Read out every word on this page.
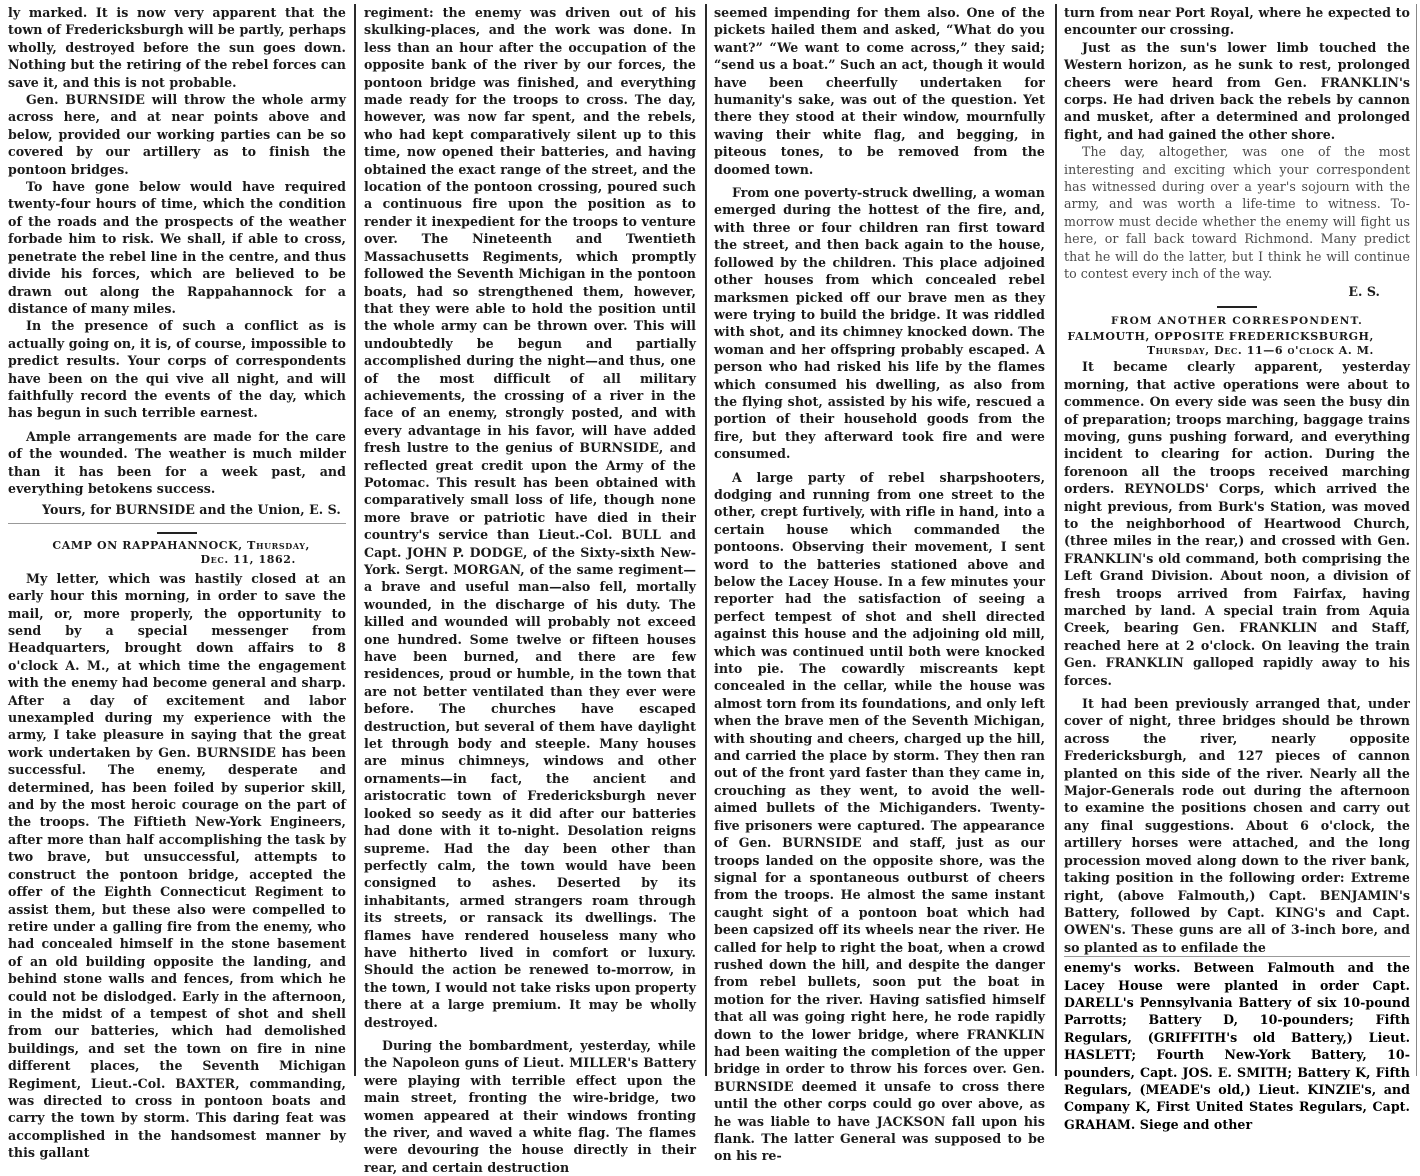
ly marked. It is now very apparent that the town of Fredericksburgh will be partly, perhaps wholly, destroyed before the sun goes down. Nothing but the retiring of the rebel forces can save it, and this is not probable.

Gen. BURNSIDE will throw the whole army across here, and at near points above and below, provided our working parties can be so covered by our artillery as to finish the pontoon bridges.

To have gone below would have required twenty-four hours of time, which the condition of the roads and the prospects of the weather forbade him to risk. We shall, if able to cross, penetrate the rebel line in the centre, and thus divide his forces, which are believed to be drawn out along the Rappahannock for a distance of many miles.

In the presence of such a conflict as is actually going on, it is, of course, impossible to predict results. Your corps of correspondents have been on the qui vive all night, and will faithfully record the events of the day, which has begun in such terrible earnest.

Ample arrangements are made for the care of the wounded. The weather is much milder than it has been for a week past, and everything betokens success.

Yours, for BURNSIDE and the Union, E. S.

CAMP ON RAPPAHANNOCK, Thursday,

Dec. 11, 1862.

My letter, which was hastily closed at an early hour this morning, in order to save the mail, or, more properly, the opportunity to send by a special messenger from Headquarters, brought down affairs to 8 o'clock A. M., at which time the engagement with the enemy had become general and sharp. After a day of excitement and labor unexampled during my experience with the army, I take pleasure in saying that the great work undertaken by Gen. BURNSIDE has been successful. The enemy, desperate and determined, has been foiled by superior skill, and by the most heroic courage on the part of the troops. The Fiftieth New-York Engineers, after more than half accomplishing the task by two brave, but unsuccessful, attempts to construct the pontoon bridge, accepted the offer of the Eighth Connecticut Regiment to assist them, but these also were compelled to retire under a galling fire from the enemy, who had concealed himself in the stone basement of an old building opposite the landing, and behind stone walls and fences, from which he could not be dislodged. Early in the afternoon, in the midst of a tempest of shot and shell from our batteries, which had demolished buildings, and set the town on fire in nine different places, the Seventh Michigan Regiment, Lieut.-Col. BAXTER, commanding, was directed to cross in pontoon boats and carry the town by storm. This daring feat was accomplished in the handsomest manner by this gallant

regiment: the enemy was driven out of his skulking-places, and the work was done. In less than an hour after the occupation of the opposite bank of the river by our forces, the pontoon bridge was finished, and everything made ready for the troops to cross. The day, however, was now far spent, and the rebels, who had kept comparatively silent up to this time, now opened their batteries, and having obtained the exact range of the street, and the location of the pontoon crossing, poured such a continuous fire upon the position as to render it inexpedient for the troops to venture over. The Nineteenth and Twentieth Massachusetts Regiments, which promptly followed the Seventh Michigan in the pontoon boats, had so strengthened them, however, that they were able to hold the position until the whole army can be thrown over. This will undoubtedly be begun and partially accomplished during the night—and thus, one of the most difficult of all military achievements, the crossing of a river in the face of an enemy, strongly posted, and with every advantage in his favor, will have added fresh lustre to the genius of BURNSIDE, and reflected great credit upon the Army of the Potomac. This result has been obtained with comparatively small loss of life, though none more brave or patriotic have died in their country's service than Lieut.-Col. BULL and Capt. JOHN P. DODGE, of the Sixty-sixth New-York. Sergt. MORGAN, of the same regiment—a brave and useful man—also fell, mortally wounded, in the discharge of his duty. The killed and wounded will probably not exceed one hundred. Some twelve or fifteen houses have been burned, and there are few residences, proud or humble, in the town that are not better ventilated than they ever were before. The churches have escaped destruction, but several of them have daylight let through body and steeple. Many houses are minus chimneys, windows and other ornaments—in fact, the ancient and aristocratic town of Fredericksburgh never looked so seedy as it did after our batteries had done with it to-night. Desolation reigns supreme. Had the day been other than perfectly calm, the town would have been consigned to ashes. Deserted by its inhabitants, armed strangers roam through its streets, or ransack its dwellings. The flames have rendered houseless many who have hitherto lived in comfort or luxury. Should the action be renewed to-morrow, in the town, I would not take risks upon property there at a large premium. It may be wholly destroyed.

During the bombardment, yesterday, while the Napoleon guns of Lieut. MILLER's Battery were playing with terrible effect upon the main street, fronting the wire-bridge, two women appeared at their windows fronting the river, and waved a white flag. The flames were devouring the house directly in their rear, and certain destruction

seemed impending for them also. One of the pickets hailed them and asked, “What do you want?” “We want to come across,” they said; “send us a boat.” Such an act, though it would have been cheerfully undertaken for humanity's sake, was out of the question. Yet there they stood at their window, mournfully waving their white flag, and begging, in piteous tones, to be removed from the doomed town.

From one poverty-struck dwelling, a woman emerged during the hottest of the fire, and, with three or four children ran first toward the street, and then back again to the house, followed by the children. This place adjoined other houses from which concealed rebel marksmen picked off our brave men as they were trying to build the bridge. It was riddled with shot, and its chimney knocked down. The woman and her offspring probably escaped. A person who had risked his life by the flames which consumed his dwelling, as also from the flying shot, assisted by his wife, rescued a portion of their household goods from the fire, but they afterward took fire and were consumed.

A large party of rebel sharpshooters, dodging and running from one street to the other, crept furtively, with rifle in hand, into a certain house which commanded the pontoons. Observing their movement, I sent word to the batteries stationed above and below the Lacey House. In a few minutes your reporter had the satisfaction of seeing a perfect tempest of shot and shell directed against this house and the adjoining old mill, which was continued until both were knocked into pie. The cowardly miscreants kept concealed in the cellar, while the house was almost torn from its foundations, and only left when the brave men of the Seventh Michigan, with shouting and cheers, charged up the hill, and carried the place by storm. They then ran out of the front yard faster than they came in, crouching as they went, to avoid the well-aimed bullets of the Michiganders. Twenty-five prisoners were captured. The appearance of Gen. BURNSIDE and staff, just as our troops landed on the opposite shore, was the signal for a spontaneous outburst of cheers from the troops. He almost the same instant caught sight of a pontoon boat which had been capsized off its wheels near the river. He called for help to right the boat, when a crowd rushed down the hill, and despite the danger from rebel bullets, soon put the boat in motion for the river. Having satisfied himself that all was going right here, he rode rapidly down to the lower bridge, where FRANKLIN had been waiting the completion of the upper bridge in order to throw his forces over. Gen. BURNSIDE deemed it unsafe to cross there until the other corps could go over above, as he was liable to have JACKSON fall upon his flank. The latter General was supposed to be on his re-

turn from near Port Royal, where he expected to encounter our crossing.

Just as the sun's lower limb touched the Western horizon, as he sunk to rest, prolonged cheers were heard from Gen. FRANKLIN's corps. He had driven back the rebels by cannon and musket, after a determined and prolonged fight, and had gained the other shore.

The day, altogether, was one of the most interesting and exciting which your correspondent has witnessed during over a year's sojourn with the army, and was worth a life-time to witness. To-morrow must decide whether the enemy will fight us here, or fall back toward Richmond. Many predict that he will do the latter, but I think he will continue to contest every inch of the way.

E. S.

FROM ANOTHER CORRESPONDENT.

FALMOUTH, OPPOSITE FREDERICKSBURGH,

Thursday, Dec. 11—6 o'clock A. M.

It became clearly apparent, yesterday morning, that active operations were about to commence. On every side was seen the busy din of preparation; troops marching, baggage trains moving, guns pushing forward, and everything incident to clearing for action. During the forenoon all the troops received marching orders. REYNOLDS' Corps, which arrived the night previous, from Burk's Station, was moved to the neighborhood of Heartwood Church, (three miles in the rear,) and crossed with Gen. FRANKLIN's old command, both comprising the Left Grand Division. About noon, a division of fresh troops arrived from Fairfax, having marched by land. A special train from Aquia Creek, bearing Gen. FRANKLIN and Staff, reached here at 2 o'clock. On leaving the train Gen. FRANKLIN galloped rapidly away to his forces.

It had been previously arranged that, under cover of night, three bridges should be thrown across the river, nearly opposite Fredericksburgh, and 127 pieces of cannon planted on this side of the river. Nearly all the Major-Generals rode out during the afternoon to examine the positions chosen and carry out any final suggestions. About 6 o'clock, the artillery horses were attached, and the long procession moved along down to the river bank, taking position in the following order: Extreme right, (above Falmouth,) Capt. BENJAMIN's Battery, followed by Capt. KING's and Capt. OWEN's. These guns are all of 3-inch bore, and so planted as to enfilade the

enemy's works. Between Falmouth and the Lacey House were planted in order Capt. DARELL's Pennsylvania Battery of six 10-pound Parrotts; Battery D, 10-pounders; Fifth Regulars, (GRIFFITH's old Battery,) Lieut. HASLETT; Fourth New-York Battery, 10-pounders, Capt. JOS. E. SMITH; Battery K, Fifth Regulars, (MEADE's old,) Lieut. KINZIE's, and Company K, First United States Regulars, Capt. GRAHAM. Siege and other
